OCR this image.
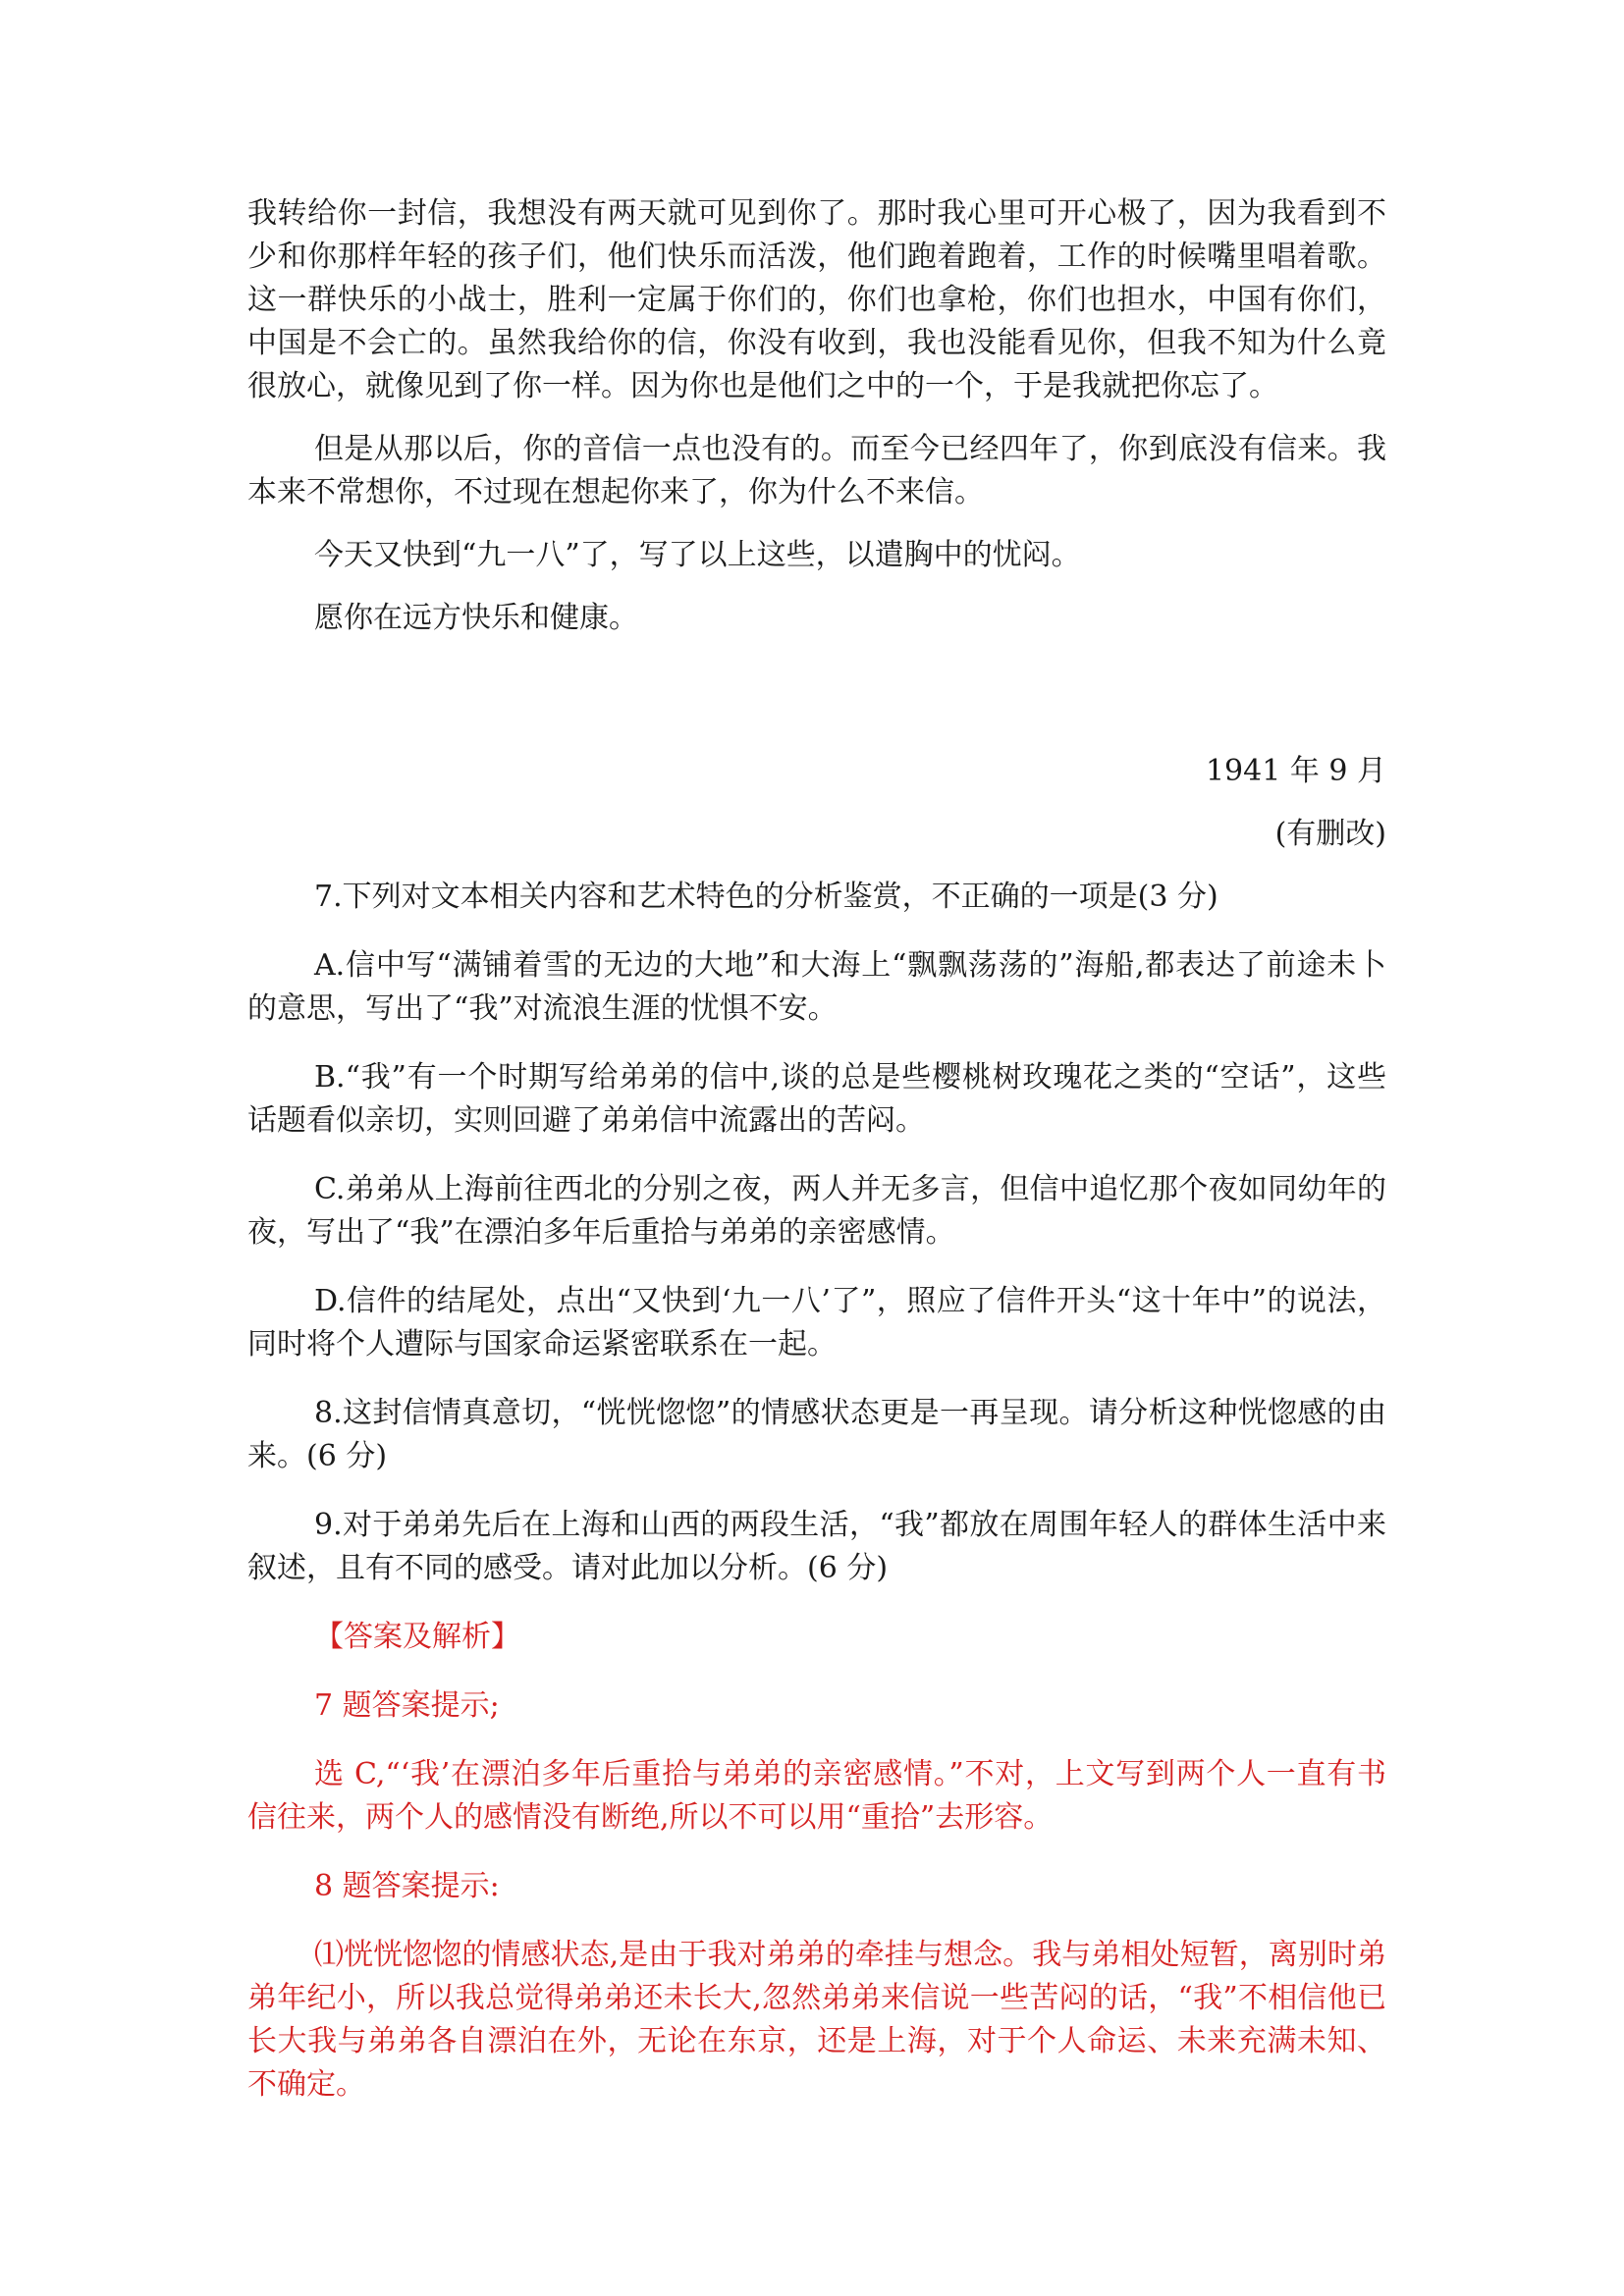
我转给你一封信，我想没有两天就可见到你了。那时我心里可开心极了，因为我看到不少和你那样年轻的孩子们，他们快乐而活泼，他们跑着跑着，工作的时候嘴里唱着歌。这一群快乐的小战士，胜利一定属于你们的，你们也拿枪，你们也担水，中国有你们，中国是不会亡的。虽然我给你的信，你没有收到，我也没能看见你，但我不知为什么竟很放心，就像见到了你一样。因为你也是他们之中的一个，于是我就把你忘了。

但是从那以后，你的音信一点也没有的。而至今已经四年了，你到底没有信来。我本来不常想你，不过现在想起你来了，你为什么不来信。

今天又快到“九一八”了，写了以上这些，以遣胸中的忧闷。

愿你在远方快乐和健康。

1941 年 9 月

(有删改)

7.下列对文本相关内容和艺术特色的分析鉴赏，不正确的一项是(3 分)

A.信中写“满铺着雪的无边的大地”和大海上“飘飘荡荡的”海船,都表达了前途未卜的意思，写出了“我”对流浪生涯的忧惧不安。

B.“我”有一个时期写给弟弟的信中,谈的总是些樱桃树玫瑰花之类的“空话”，这些话题看似亲切，实则回避了弟弟信中流露出的苦闷。

C.弟弟从上海前往西北的分别之夜，两人并无多言，但信中追忆那个夜如同幼年的夜，写出了“我”在漂泊多年后重拾与弟弟的亲密感情。

D.信件的结尾处，点出“又快到‘九一八’了”，照应了信件开头“这十年中”的说法，同时将个人遭际与国家命运紧密联系在一起。

8.这封信情真意切，“恍恍惚惚”的情感状态更是一再呈现。请分析这种恍惚感的由来。(6 分)

9.对于弟弟先后在上海和山西的两段生活，“我”都放在周围年轻人的群体生活中来叙述，且有不同的感受。请对此加以分析。(6 分)

【答案及解析】

7 题答案提示;

选 C,“‘我’在漂泊多年后重拾与弟弟的亲密感情。”不对，上文写到两个人一直有书信往来，两个人的感情没有断绝,所以不可以用“重拾”去形容。

8 题答案提示:

⑴恍恍惚惚的情感状态,是由于我对弟弟的牵挂与想念。我与弟相处短暂，离别时弟弟年纪小，所以我总觉得弟弟还未长大,忽然弟弟来信说一些苦闷的话，“我”不相信他已长大我与弟弟各自漂泊在外，无论在东京，还是上海，对于个人命运、未来充满未知、不确定。
